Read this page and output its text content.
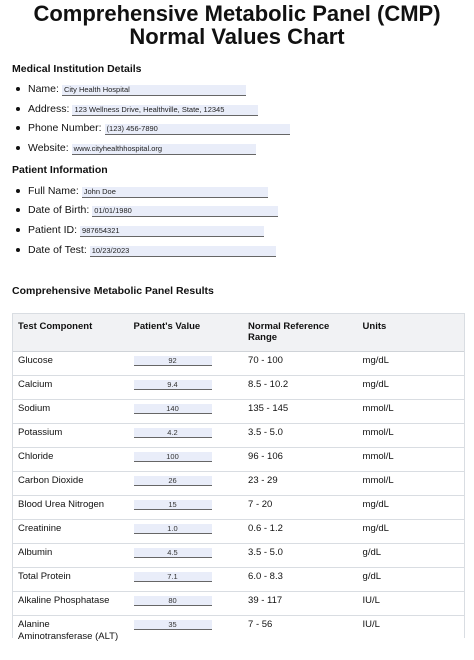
Comprehensive Metabolic Panel (CMP) Normal Values Chart
Medical Institution Details
Name: City Health Hospital
Address: 123 Wellness Drive, Healthville, State, 12345
Phone Number: (123) 456-7890
Website: www.cityhealthhospital.org
Patient Information
Full Name: John Doe
Date of Birth: 01/01/1980
Patient ID: 987654321
Date of Test: 10/23/2023
Comprehensive Metabolic Panel Results
Test Component	Patient's Value	Normal Reference Range	Units
Glucose	92	70 - 100	mg/dL
Calcium	9.4	8.5 - 10.2	mg/dL
Sodium	140	135 - 145	mmol/L
Potassium	4.2	3.5 - 5.0	mmol/L
Chloride	100	96 - 106	mmol/L
Carbon Dioxide	26	23 - 29	mmol/L
Blood Urea Nitrogen	15	7 - 20	mg/dL
Creatinine	1.0	0.6 - 1.2	mg/dL
Albumin	4.5	3.5 - 5.0	g/dL
Total Protein	7.1	6.0 - 8.3	g/dL
Alkaline Phosphatase	80	39 - 117	IU/L
Alanine Aminotransferase (ALT)	35	7 - 56	IU/L
